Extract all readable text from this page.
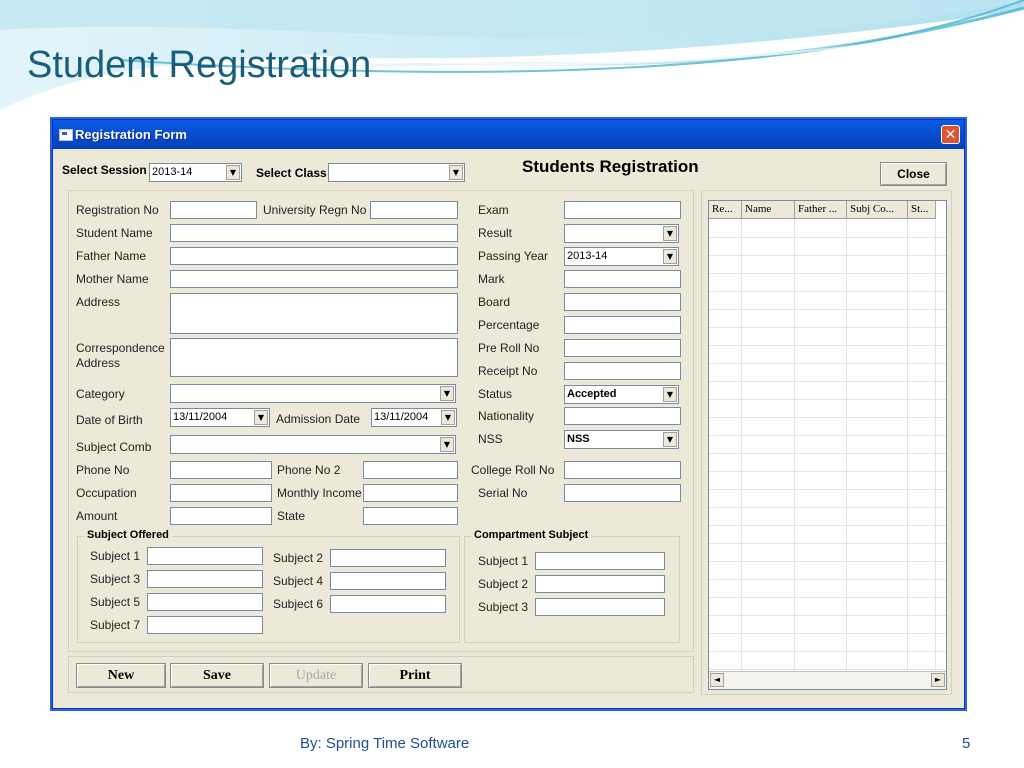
Student Registration
Registration Form	✕
Select Session 2013-14	▼	Select Class	▼	Students Registration	Close
Registration No	University Regn No
Student Name
Father Name
Mother Name
Address
Correspondence
Address
Category	▼
Date of Birth	13/11/2004	▼ Admission Date 13/11/2004	▼
Subject Comb	▼
Phone No	Phone No 2
Occupation	Monthly Income
Amount	State
Exam
Result	▼
Passing Year 2013-14	▼
Mark
Board
Percentage
Pre Roll No
Receipt No
Status	Accepted	▼
Nationality
NSS	NSS	▼
College Roll No
Serial No
Subject Offered
Subject 1	Subject 2
Subject 3	Subject 4
Subject 5	Subject 6
Subject 7
Compartment Subject
Subject 1
Subject 2
Subject 3
New	Save	Update	Print
Re...	Name	Father ...	Subj Co...	St...
◄	►
By: Spring Time Software	5
